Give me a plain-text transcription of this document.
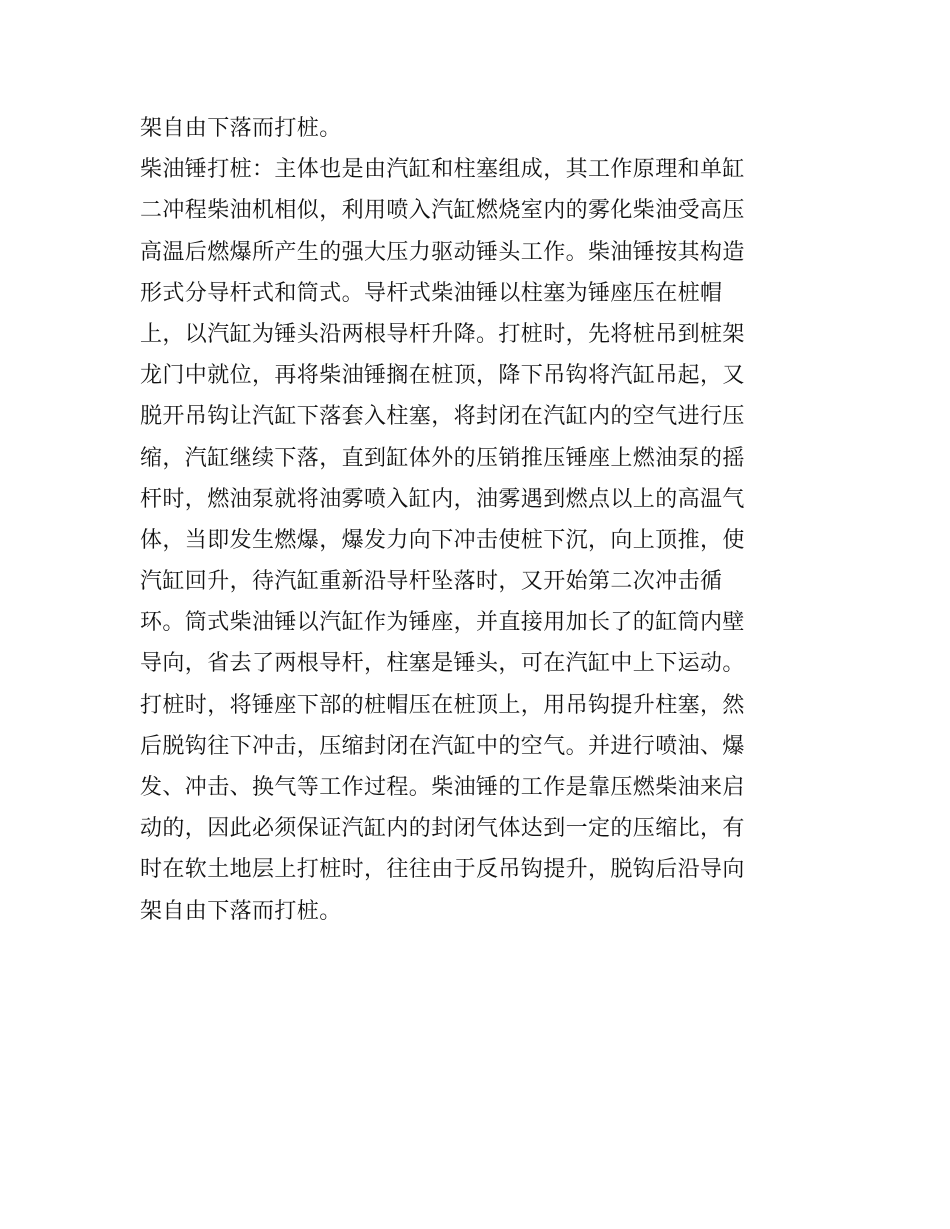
架自由下落而打桩。
柴油锤打桩：主体也是由汽缸和柱塞组成，其工作原理和单缸
二冲程柴油机相似，利用喷入汽缸燃烧室内的雾化柴油受高压
高温后燃爆所产生的强大压力驱动锤头工作。柴油锤按其构造
形式分导杆式和筒式。导杆式柴油锤以柱塞为锤座压在桩帽
上，以汽缸为锤头沿两根导杆升降。打桩时，先将桩吊到桩架
龙门中就位，再将柴油锤搁在桩顶，降下吊钩将汽缸吊起，又
脱开吊钩让汽缸下落套入柱塞，将封闭在汽缸内的空气进行压
缩，汽缸继续下落，直到缸体外的压销推压锤座上燃油泵的摇
杆时，燃油泵就将油雾喷入缸内，油雾遇到燃点以上的高温气
体，当即发生燃爆，爆发力向下冲击使桩下沉，向上顶推，使
汽缸回升，待汽缸重新沿导杆坠落时，又开始第二次冲击循
环。筒式柴油锤以汽缸作为锤座，并直接用加长了的缸筒内壁
导向，省去了两根导杆，柱塞是锤头，可在汽缸中上下运动。
打桩时，将锤座下部的桩帽压在桩顶上，用吊钩提升柱塞，然
后脱钩往下冲击，压缩封闭在汽缸中的空气。并进行喷油、爆
发、冲击、换气等工作过程。柴油锤的工作是靠压燃柴油来启
动的，因此必须保证汽缸内的封闭气体达到一定的压缩比，有
时在软土地层上打桩时，往往由于反吊钩提升，脱钩后沿导向
架自由下落而打桩。
